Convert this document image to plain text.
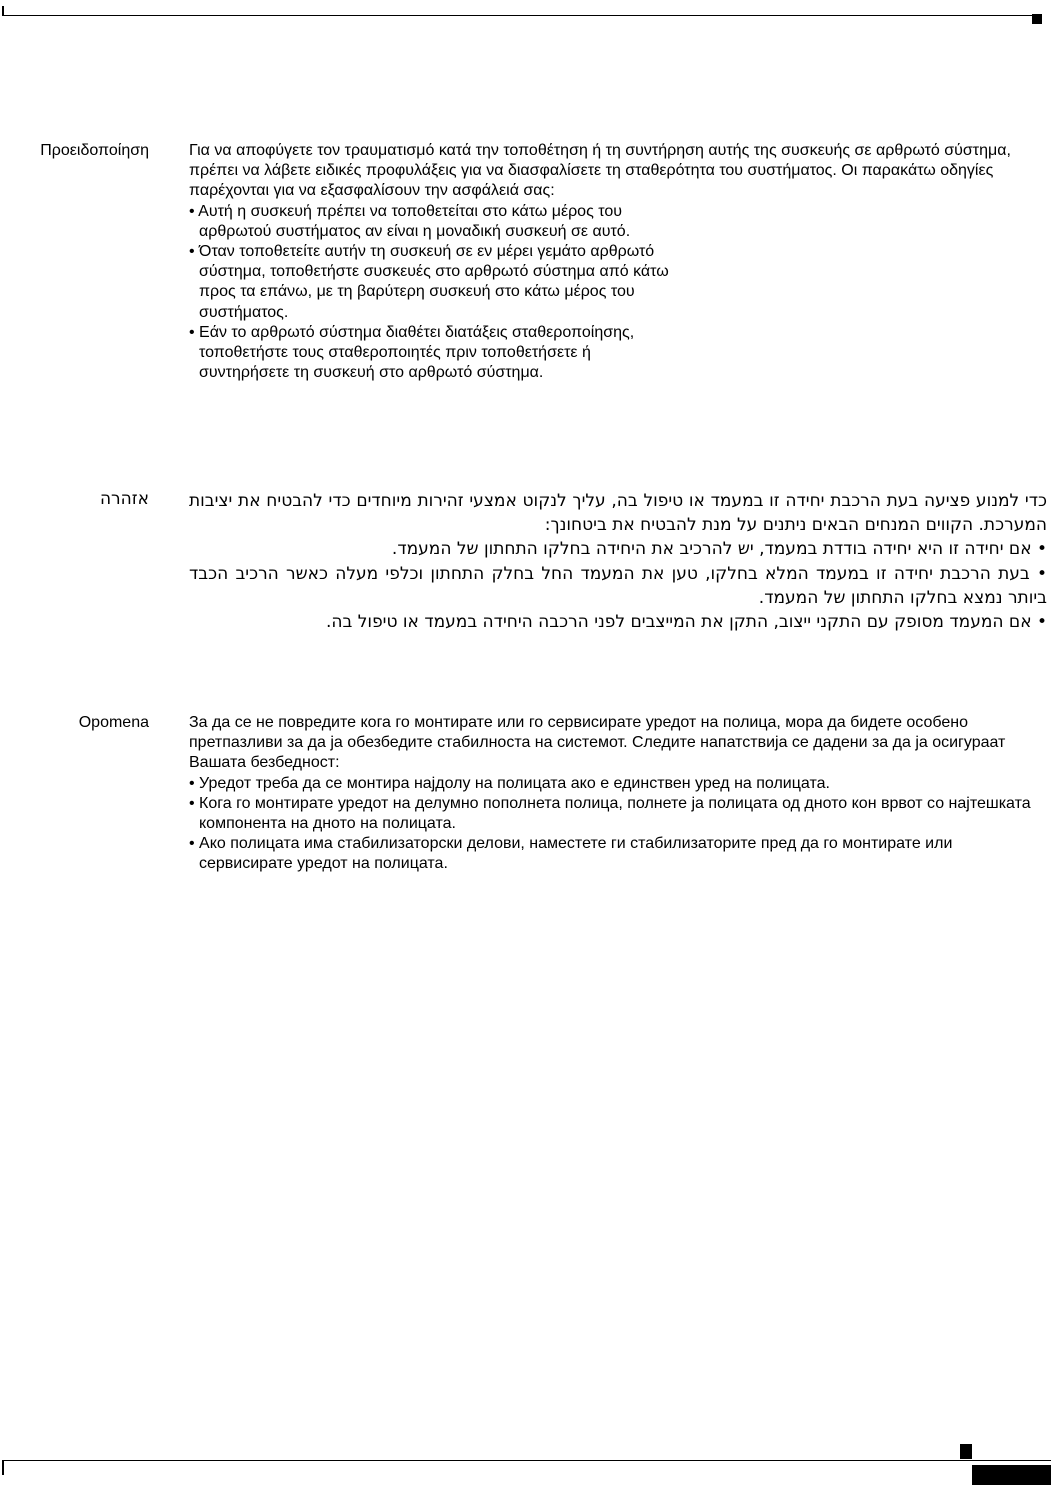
Προειδοποίηση	Για να αποφύγετε τον τραυματισμό κατά την τοποθέτηση ή τη συντήρηση αυτής της συσκευής σε αρθρωτό σύστημα, πρέπει να λάβετε ειδικές προφυλάξεις για να διασφαλίσετε τη σταθερότητα του συστήματος. Οι παρακάτω οδηγίες παρέχονται για να εξασφαλίσουν την ασφάλειά σας:

• Αυτή η συσκευή πρέπει να τοποθετείται στο κάτω μέρος του αρθρωτού συστήματος αν είναι η μοναδική συσκευή σε αυτό.
• Όταν τοποθετείτε αυτήν τη συσκευή σε εν μέρει γεμάτο αρθρωτό σύστημα, τοποθετήστε συσκευές στο αρθρωτό σύστημα από κάτω προς τα επάνω, με τη βαρύτερη συσκευή στο κάτω μέρος του συστήματος.
• Εάν το αρθρωτό σύστημα διαθέτει διατάξεις σταθεροποίησης, τοποθετήστε τους σταθεροποιητές πριν τοποθετήσετε ή συντηρήσετε τη συσκευή στο αρθρωτό σύστημα.
אזהרה כדי למנוע פציעה בעת הרכבת יחידה זו במעמד או טיפול בה, עליך לנקוט אמצעי זהירות מיוחדים כדי להבטיח את יציבות המערכת. הקווים המנחים הבאים ניתנים על מנת להבטיח את ביטחונך:

• אם יחידה זו היא יחידה בודדת במעמד, יש להרכיב את היחידה בחלקו התחתון של המעמד.
• בעת הרכבת יחידה זו במעמד המלא בחלקו, טען את המעמד החל בחלק התחתון וכלפי מעלה כאשר הרכיב הכבד ביותר נמצא בחלקו התחתון של המעמד.
• אם המעמד מסופק עם התקני ייצוב, התקן את המייצבים לפני הרכבה היחידה במעמד או טיפול בה.
Opomena	За да се не повредите кога го монтирате или го сервисирате уредот на полица, мора да бидете особено претпазливи за да ја обезбедите стабилноста на системот. Следите напатствија се дадени за да ја осигураат Вашата безбедност:

• Уредот треба да се монтира најдолу на полицата ако е единствен уред на полицата.
• Кога го монтирате уредот на делумно пополнета полица, полнете ја полицата од дното кон врвот со најтешката компонента на дното на полицата.
• Ако полицата има стабилизаторски делови, наместете ги стабилизаторите пред да го монтирате или сервисирате уредот на полицата.
